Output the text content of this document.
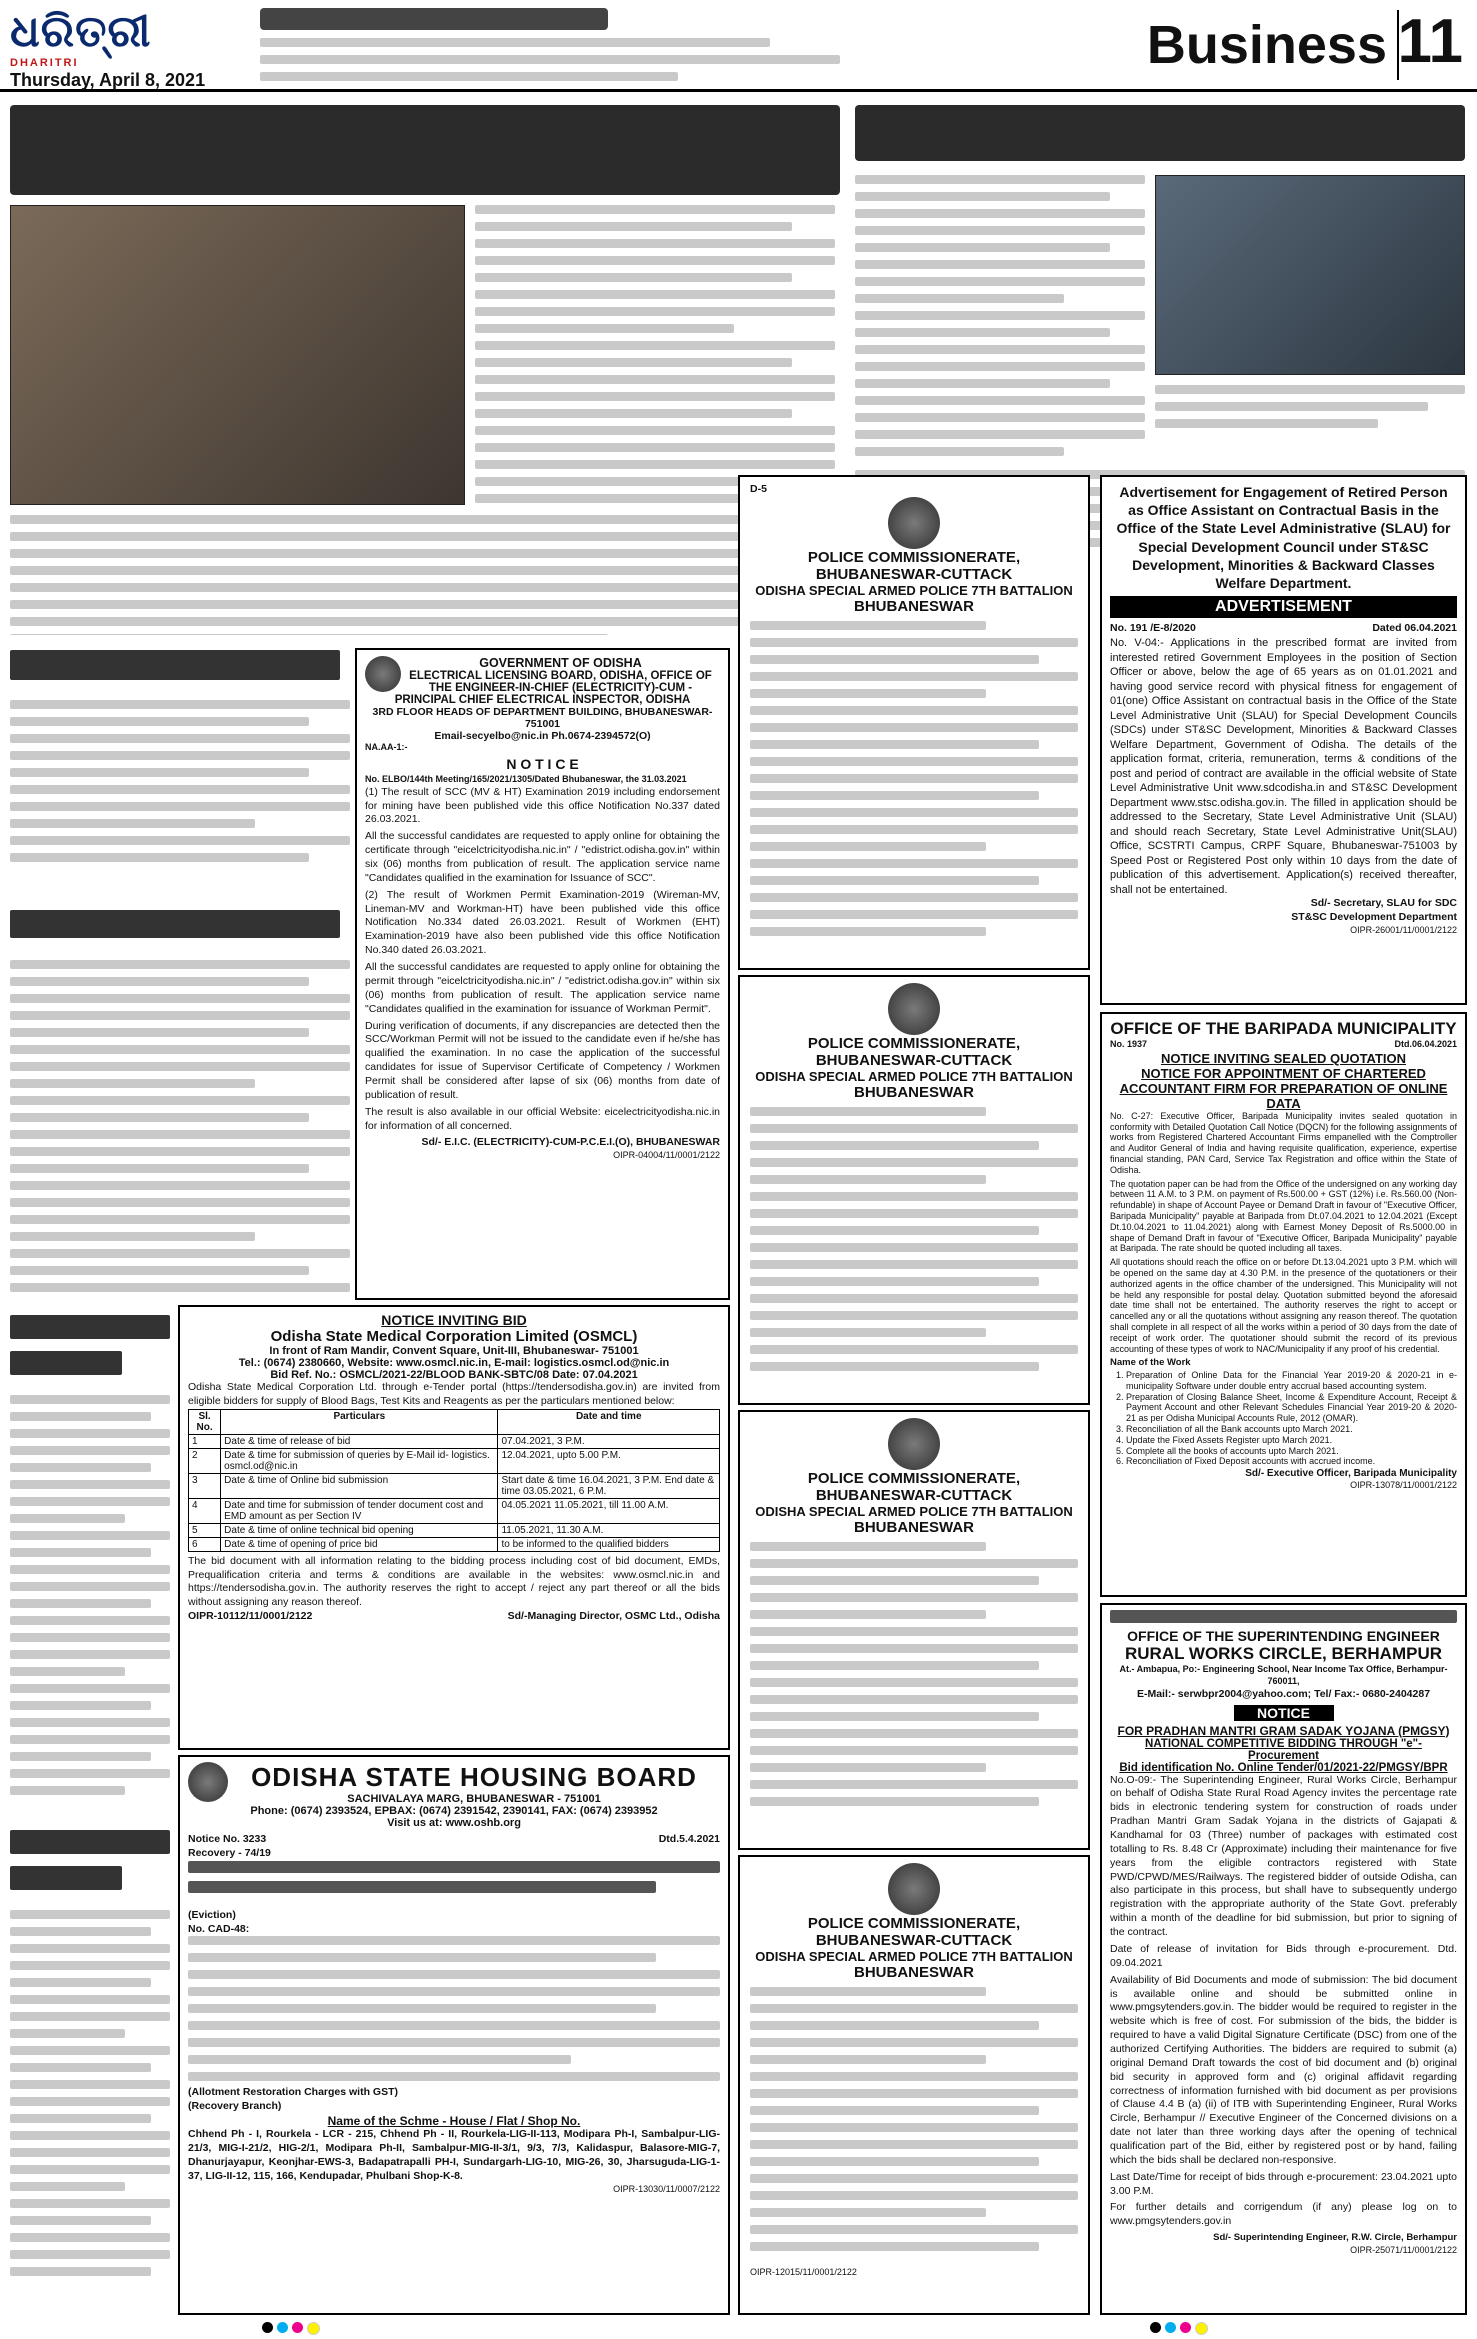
ଧରିତ୍ରୀ
DHARITRI
Thursday, April 8, 2021
Business 11
GOVERNMENT OF ODISHA
ELECTRICAL LICENSING BOARD, ODISHA, OFFICE OF THE ENGINEER-IN-CHIEF (ELECTRICITY)-CUM -PRINCIPAL CHIEF ELECTRICAL INSPECTOR, ODISHA
3RD FLOOR HEADS OF DEPARTMENT BUILDING, BHUBANESWAR-751001
Email-secyelbo@nic.in Ph.0674-2394572(O)
NA.AA-1:-
N O T I C E
No. ELBO/144th Meeting/165/2021/1305/Dated Bhubaneswar, the 31.03.2021

(1) The result of SCC (MV & HT) Examination 2019 including endorsement for mining have been published vide this office Notification No.337 dated 26.03.2021.

All the successful candidates are requested to apply online for obtaining the certificate through "eicelctricityodisha.nic.in" / "edistrict.odisha.gov.in" within six (06) months from publication of result. The application service name "Candidates qualified in the examination for Issuance of SCC".

(2) The result of Workmen Permit Examination-2019 (Wireman-MV, Lineman-MV and Workman-HT) have been published vide this office Notification No.334 dated 26.03.2021. Result of Workmen (EHT) Examination-2019 have also been published vide this office Notification No.340 dated 26.03.2021.

All the successful candidates are requested to apply online for obtaining the permit through "eicelctricityodisha.nic.in" / "edistrict.odisha.gov.in" within six (06) months from publication of result. The application service name "Candidates qualified in the examination for issuance of Workman Permit".

During verification of documents, if any discrepancies are detected then the SCC/Workman Permit will not be issued to the candidate even if he/she has qualified the examination. In no case the application of the successful candidates for issue of Supervisor Certificate of Competency / Workmen Permit shall be considered after lapse of six (06) months from date of publication of result.

The result is also available in our official Website: eicelectricityodisha.nic.in for information of all concerned.

Sd/- E.I.C. (ELECTRICITY)-CUM-P.C.E.I.(O), BHUBANESWAR
OIPR-04004/11/0001/2122
NOTICE INVITING BID
Odisha State Medical Corporation Limited (OSMCL)
In front of Ram Mandir, Convent Square, Unit-III, Bhubaneswar- 751001
Tel.: (0674) 2380660, Website: www.osmcl.nic.in, E-mail: logistics.osmcl.od@nic.in
Bid Ref. No.: OSMCL/2021-22/BLOOD BANK-SBTC/08 Date: 07.04.2021
Odisha State Medical Corporation Ltd. through e-Tender portal (https://tendersodisha.gov.in) are invited from eligible bidders for supply of Blood Bags, Test Kits and Reagents as per the particulars mentioned below:
Sl. No.	Particulars	Date and time
1	Date & time of release of bid	07.04.2021, 3 P.M.
2	Date & time for submission of queries by E-Mail id- logistics. osmcl.od@nic.in	12.04.2021, upto 5.00 P.M.
3	Date & time of Online bid submission	Start date & time 16.04.2021, 3 P.M. End date & time 03.05.2021, 6 P.M.
4	Date and time for submission of tender document cost and EMD amount as per Section IV	04.05.2021 11.05.2021, till 11.00 A.M.
5	Date & time of online technical bid opening	11.05.2021, 11.30 A.M.
6	Date & time of opening of price bid	to be informed to the qualified bidders
The bid document with all information relating to the bidding process including cost of bid document, EMDs, Prequalification criteria and terms & conditions are available in the websites: www.osmcl.nic.in and https://tendersodisha.gov.in. The authority reserves the right to accept / reject any part thereof or all the bids without assigning any reason thereof.
OIPR-10112/11/0001/2122	Sd/-Managing Director, OSMC Ltd., Odisha
ODISHA STATE HOUSING BOARD
SACHIVALAYA MARG, BHUBANESWAR - 751001
Phone: (0674) 2393524, EPBAX: (0674) 2391542, 2390141, FAX: (0674) 2393952
Visit us at: www.oshb.org
Notice No. 3233	Dtd.5.4.2021
Recovery - 74/19
(Eviction)
No. CAD-48:
(Allotment Restoration Charges with GST)
(Recovery Branch)
Name of the Schme - House / Flat / Shop No.
Chhend Ph - I, Rourkela - LCR - 215, Chhend Ph - II, Rourkela-LIG-II-113, Modipara Ph-I, Sambalpur-LIG-21/3, MIG-I-21/2, HIG-2/1, Modipara Ph-II, Sambalpur-MIG-II-3/1, 9/3, 7/3, Kalidaspur, Balasore-MIG-7, Dhanurjayapur, Keonjhar-EWS-3, Badapatrapalli PH-I, Sundargarh-LIG-10, MIG-26, 30, Jharsuguda-LIG-1-37, LIG-II-12, 115, 166, Kendupadar, Phulbani Shop-K-8.
OIPR-13030/11/0007/2122
D-5
POLICE COMMISSIONERATE,
BHUBANESWAR-CUTTACK
ODISHA SPECIAL ARMED POLICE 7TH BATTALION
BHUBANESWAR
POLICE COMMISSIONERATE,
BHUBANESWAR-CUTTACK
ODISHA SPECIAL ARMED POLICE 7TH BATTALION
BHUBANESWAR
POLICE COMMISSIONERATE,
BHUBANESWAR-CUTTACK
ODISHA SPECIAL ARMED POLICE 7TH BATTALION
BHUBANESWAR
POLICE COMMISSIONERATE,
BHUBANESWAR-CUTTACK
ODISHA SPECIAL ARMED POLICE 7TH BATTALION
BHUBANESWAR
OIPR-12015/11/0001/2122
Advertisement for Engagement of Retired Person as Office Assistant on Contractual Basis in the Office of the State Level Administrative (SLAU) for Special Development Council under ST&SC Development, Minorities & Backward Classes Welfare Department.
ADVERTISEMENT
No. 191 /E-8/2020	Dated 06.04.2021
No. V-04:- Applications in the prescribed format are invited from interested retired Government Employees in the position of Section Officer or above, below the age of 65 years as on 01.01.2021 and having good service record with physical fitness for engagement of 01(one) Office Assistant on contractual basis in the Office of the State Level Administrative Unit (SLAU) for Special Development Councils (SDCs) under ST&SC Development, Minorities & Backward Classes Welfare Department, Government of Odisha. The details of the application format, criteria, remuneration, terms & conditions of the post and period of contract are available in the official website of State Level Administrative Unit www.sdcodisha.in and ST&SC Development Department www.stsc.odisha.gov.in. The filled in application should be addressed to the Secretary, State Level Administrative Unit (SLAU) and should reach Secretary, State Level Administrative Unit(SLAU) Office, SCSTRTI Campus, CRPF Square, Bhubaneswar-751003 by Speed Post or Registered Post only within 10 days from the date of publication of this advertisement. Application(s) received thereafter, shall not be entertained.
Sd/- Secretary, SLAU for SDC
ST&SC Development Department
OIPR-26001/11/0001/2122
OFFICE OF THE BARIPADA MUNICIPALITY
No. 1937	Dtd.06.04.2021
NOTICE INVITING SEALED QUOTATION
NOTICE FOR APPOINTMENT OF CHARTERED ACCOUNTANT FIRM FOR PREPARATION OF ONLINE DATA

No. C-27: Executive Officer, Baripada Municipality invites sealed quotation in conformity with Detailed Quotation Call Notice (DQCN) for the following assignments of works from Registered Chartered Accountant Firms empanelled with the Comptroller and Auditor General of India and having requisite qualification, experience, expertise financial standing, PAN Card, Service Tax Registration and office within the State of Odisha.

The quotation paper can be had from the Office of the undersigned on any working day between 11 A.M. to 3 P.M. on payment of Rs.500.00 + GST (12%) i.e. Rs.560.00 (Non-refundable) in shape of Account Payee or Demand Draft in favour of "Executive Officer, Baripada Municipality" payable at Baripada from Dt.07.04.2021 to 12.04.2021 (Except Dt.10.04.2021 to 11.04.2021) along with Earnest Money Deposit of Rs.5000.00 in shape of Demand Draft in favour of "Executive Officer, Baripada Municipality" payable at Baripada. The rate should be quoted including all taxes.

All quotations should reach the office on or before Dt.13.04.2021 upto 3 P.M. which will be opened on the same day at 4.30 P.M. in the presence of the quotationers or their authorized agents in the office chamber of the undersigned. This Municipality will not be held any responsible for postal delay. Quotation submitted beyond the aforesaid date time shall not be entertained. The authority reserves the right to accept or cancelled any or all the quotations without assigning any reason thereof. The quotation shall complete in all respect of all the works within a period of 30 days from the date of receipt of work order. The quotationer should submit the record of its previous accounting of these types of work to NAC/Municipality if any proof of his credential.

Name of the Work
1. Preparation of Online Data for the Financial Year 2019-20 & 2020-21 in e-municipality Software under double entry accrual based accounting system.
2. Preparation of Closing Balance Sheet, Income & Expenditure Account, Receipt & Payment Account and other Relevant Schedules Financial Year 2019-20 & 2020-21 as per Odisha Municipal Accounts Rule, 2012 (OMAR).
3. Reconciliation of all the Bank accounts upto March 2021.
4. Update the Fixed Assets Register upto March 2021.
5. Complete all the books of accounts upto March 2021.
6. Reconciliation of Fixed Deposit accounts with accrued income.
Sd/- Executive Officer, Baripada Municipality
OIPR-13078/11/0001/2122
OFFICE OF THE SUPERINTENDING ENGINEER
RURAL WORKS CIRCLE, BERHAMPUR
At.- Ambapua, Po:- Engineering School, Near Income Tax Office, Berhampur-760011,
E-Mail:- serwbpr2004@yahoo.com; Tel/ Fax:- 0680-2404287
NOTICE
FOR PRADHAN MANTRI GRAM SADAK YOJANA (PMGSY)
NATIONAL COMPETITIVE BIDDING THROUGH "e"-Procurement
Bid identification No. Online Tender/01/2021-22/PMGSY/BPR

No.O-09:- The Superintending Engineer, Rural Works Circle, Berhampur on behalf of Odisha State Rural Road Agency invites the percentage rate bids in electronic tendering system for construction of roads under Pradhan Mantri Gram Sadak Yojana in the districts of Gajapati & Kandhamal for 03 (Three) number of packages with estimated cost totalling to Rs. 8.48 Cr (Approximate) including their maintenance for five years from the eligible contractors registered with State PWD/CPWD/MES/Railways. The registered bidder of outside Odisha, can also participate in this process, but shall have to subsequently undergo registration with the appropriate authority of the State Govt. preferably within a month of the deadline for bid submission, but prior to signing of the contract.

Date of release of invitation for Bids through e-procurement. Dtd. 09.04.2021

Availability of Bid Documents and mode of submission: The bid document is available online and should be submitted online in www.pmgsytenders.gov.in. The bidder would be required to register in the website which is free of cost. For submission of the bids, the bidder is required to have a valid Digital Signature Certificate (DSC) from one of the authorized Certifying Authorities. The bidders are required to submit (a) original Demand Draft towards the cost of bid document and (b) original bid security in approved form and (c) original affidavit regarding correctness of information furnished with bid document as per provisions of Clause 4.4 B (a) (ii) of ITB with Superintending Engineer, Rural Works Circle, Berhampur // Executive Engineer of the Concerned divisions on a date not later than three working days after the opening of technical qualification part of the Bid, either by registered post or by hand, failing which the bids shall be declared non-responsive.

Last Date/Time for receipt of bids through e-procurement: 23.04.2021 upto 3.00 P.M.

For further details and corrigendum (if any) please log on to www.pmgsytenders.gov.in

Sd/- Superintending Engineer, R.W. Circle, Berhampur
OIPR-25071/11/0001/2122
